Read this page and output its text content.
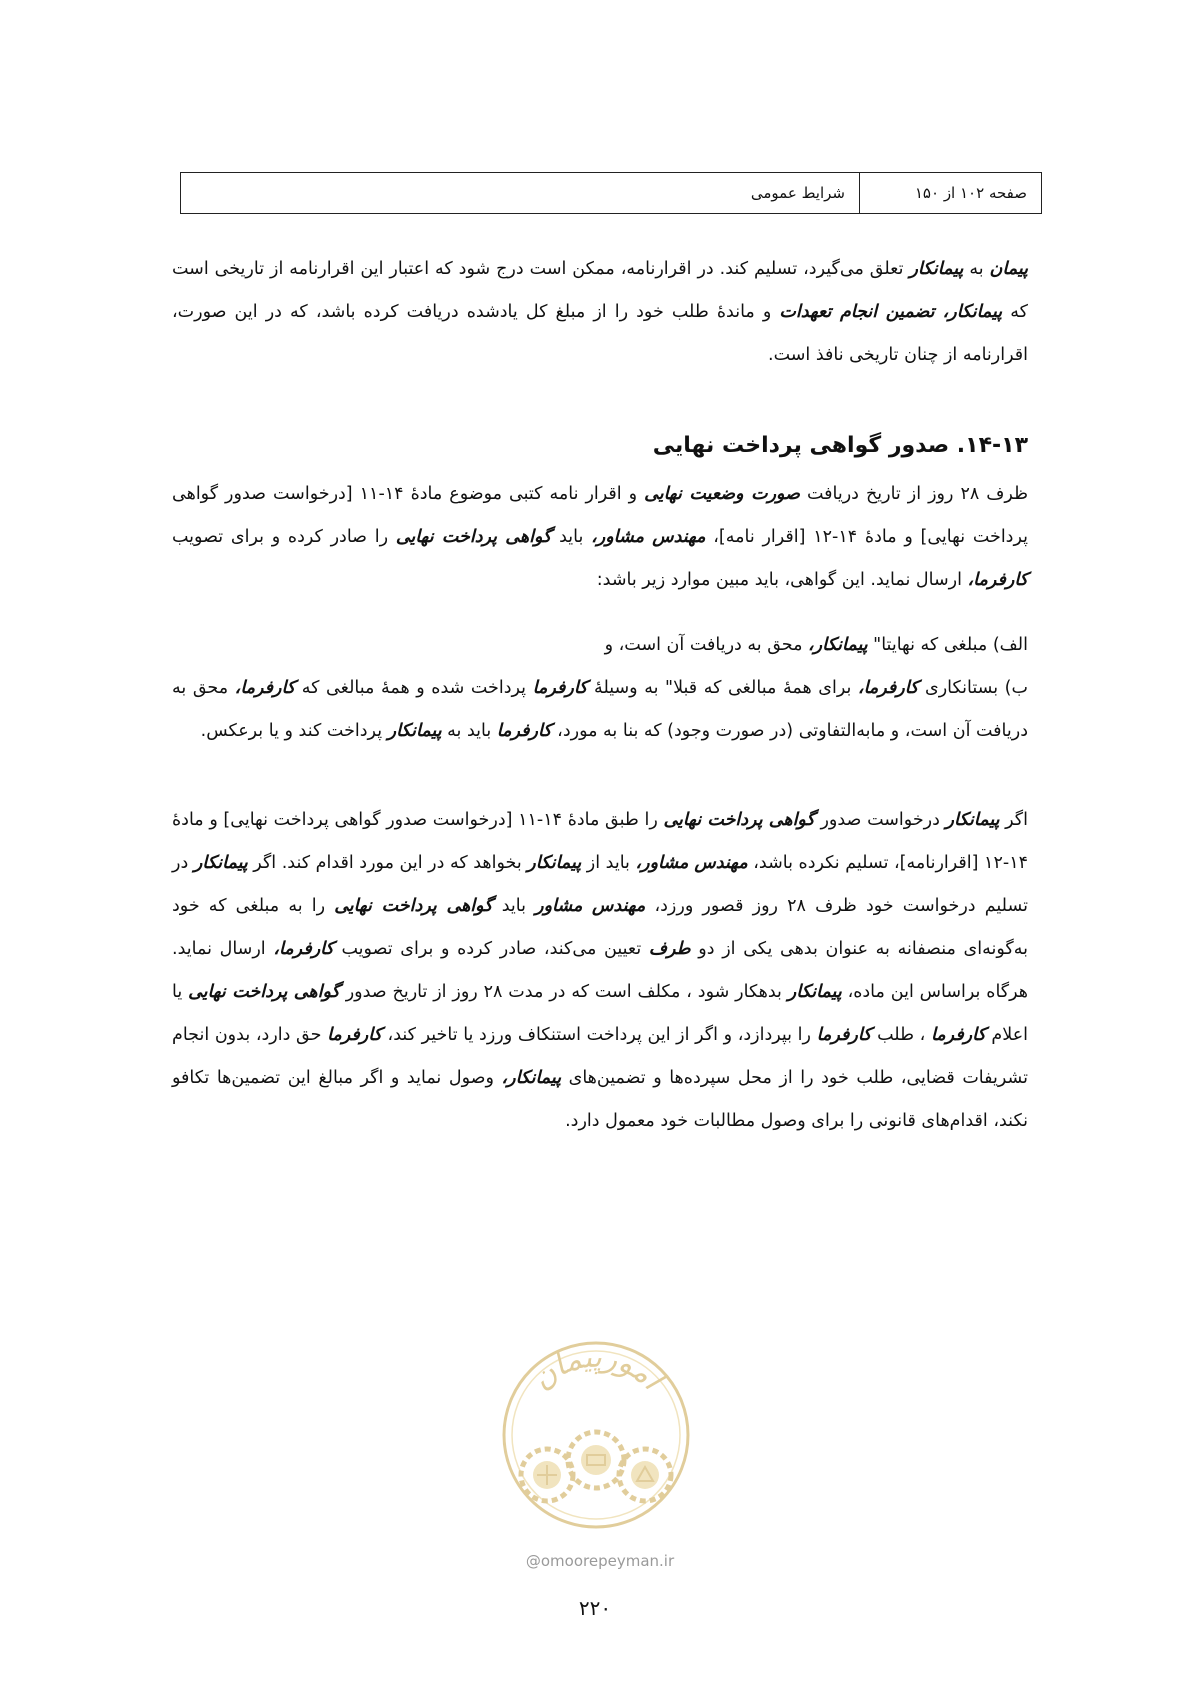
صفحه ۱۰۲ از ۱۵۰
شرایط عمومی

پیمان به پیمانکار تعلق می‌گیرد، تسلیم کند. در اقرارنامه، ممکن است درج شود که اعتبار این اقرارنامه از تاریخی است که پیمانکار، تضمین انجام تعهدات و ماندهٔ طلب خود را از مبلغ کل یادشده دریافت کرده باشد، که در این صورت، اقرارنامه از چنان تاریخی نافذ است.

۱۴-۱۳. صدور گواهی پرداخت نهایی

ظرف ۲۸ روز از تاریخ دریافت صورت وضعیت نهایی و اقرار نامه کتبی موضوع مادهٔ ۱۴-۱۱ [درخواست صدور گواهی پرداخت نهایی] و مادهٔ ۱۴-۱۲ [اقرار نامه]، مهندس مشاور، باید گواهی پرداخت نهایی را صادر کرده و برای تصویب کارفرما، ارسال نماید. این گواهی، باید مبین موارد زیر باشد:

الف) مبلغی که نهایتا" پیمانکار، محق به دریافت آن است، و

ب) بستانکاری کارفرما، برای همهٔ مبالغی که قبلا" به وسیلهٔ کارفرما پرداخت شده و همهٔ مبالغی که کارفرما، محق به دریافت آن است، و مابه‌التفاوتی (در صورت وجود) که بنا به مورد، کارفرما باید به پیمانکار پرداخت کند و یا برعکس.

اگر پیمانکار درخواست صدور گواهی پرداخت نهایی را طبق مادهٔ ۱۴-۱۱ [درخواست صدور گواهی پرداخت نهایی] و مادهٔ ۱۴-۱۲ [اقرارنامه]، تسلیم نکرده باشد، مهندس مشاور، باید از پیمانکار بخواهد که در این مورد اقدام کند. اگر پیمانکار در تسلیم درخواست خود ظرف ۲۸ روز قصور ورزد، مهندس مشاور باید گواهی پرداخت نهایی را به مبلغی که خود به‌گونه‌ای منصفانه به عنوان بدهی یکی از دو طرف تعیین می‌کند، صادر کرده و برای تصویب کارفرما، ارسال نماید. هرگاه براساس این ماده، پیمانکار بدهکار شود ، مکلف است که در مدت ۲۸ روز از تاریخ صدور گواهی پرداخت نهایی یا اعلام کارفرما ، طلب کارفرما را بپردازد، و اگر از این پرداخت استنکاف ورزد یا تاخیر کند، کارفرما حق دارد، بدون انجام تشریفات قضایی، طلب خود را از محل سپرده‌ها و تضمین‌های پیمانکار، وصول نماید و اگر مبالغ این تضمین‌ها تکافو نکند، اقدام‌های قانونی را برای وصول مطالبات خود معمول دارد.

امورپیمان
@omoorepeyman.ir
۲۲۰
